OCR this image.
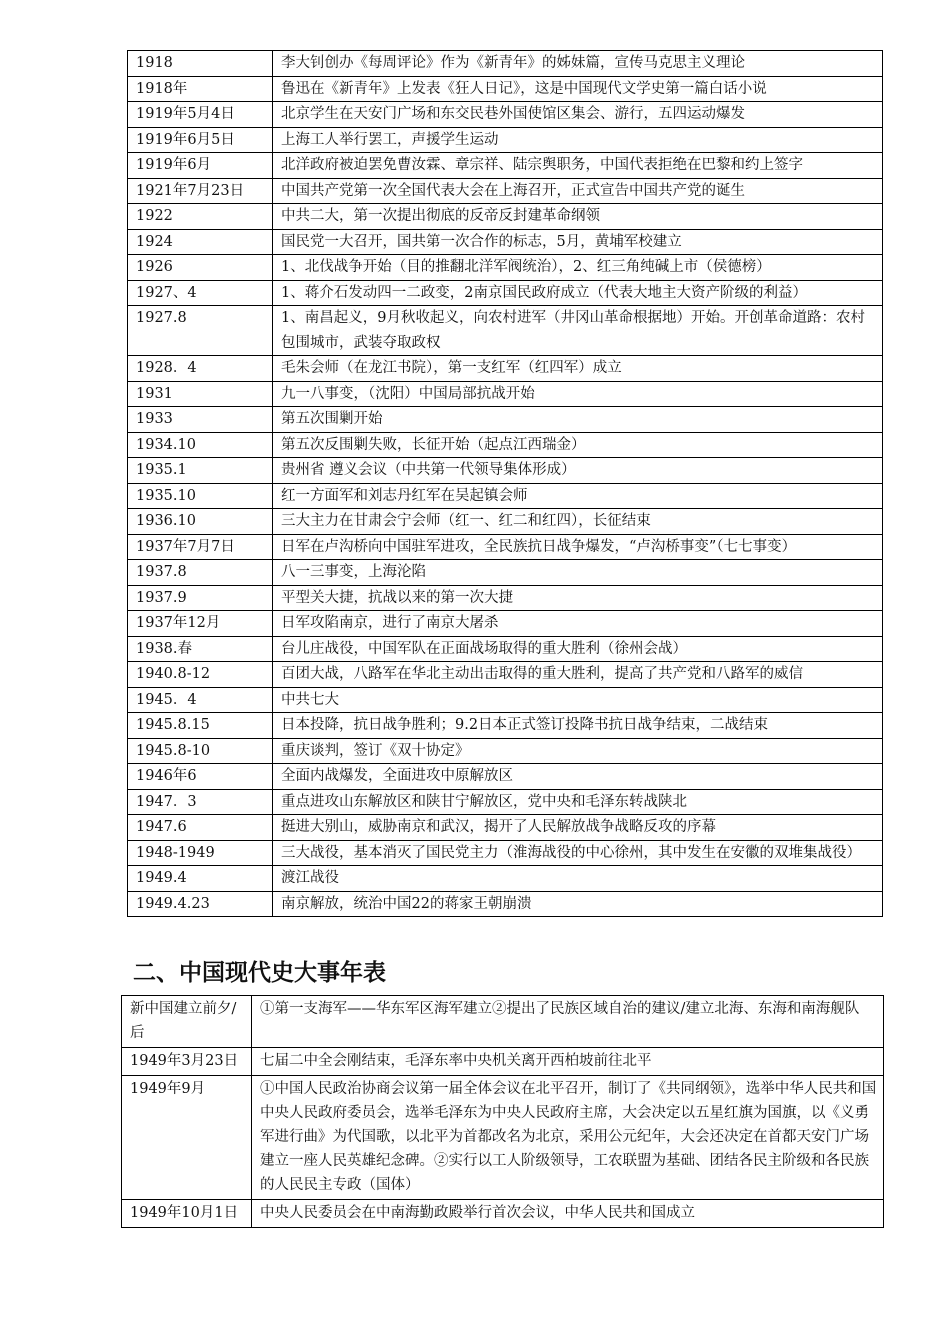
1918	李大钊创办《每周评论》作为《新青年》的姊妹篇，宣传马克思主义理论
1918年	鲁迅在《新青年》上发表《狂人日记》，这是中国现代文学史第一篇白话小说
1919年5月4日	北京学生在天安门广场和东交民巷外国使馆区集会、游行，五四运动爆发
1919年6月5日	上海工人举行罢工，声援学生运动
1919年6月	北洋政府被迫罢免曹汝霖、章宗祥、陆宗舆职务，中国代表拒绝在巴黎和约上签字
1921年7月23日	中国共产党第一次全国代表大会在上海召开，正式宣告中国共产党的诞生
1922	中共二大，第一次提出彻底的反帝反封建革命纲领
1924	国民党一大召开，国共第一次合作的标志，5月，黄埔军校建立
1926	1、北伐战争开始（目的推翻北洋军阀统治），2、红三角纯碱上市（侯德榜）
1927、4	1、蒋介石发动四一二政变，2南京国民政府成立（代表大地主大资产阶级的利益）
1927.8	1、南昌起义，9月秋收起义，向农村进军（井冈山革命根据地）开始。开创革命道路：农村包围城市，武装夺取政权
1928．4	毛朱会师（在龙江书院），第一支红军（红四军）成立
1931	九一八事变，（沈阳）中国局部抗战开始
1933	第五次围剿开始
1934.10	第五次反围剿失败，长征开始（起点江西瑞金）
1935.1	贵州省 遵义会议（中共第一代领导集体形成）
1935.10	红一方面军和刘志丹红军在吴起镇会师
1936.10	三大主力在甘肃会宁会师（红一、红二和红四），长征结束
1937年7月7日	日军在卢沟桥向中国驻军进攻，全民族抗日战争爆发，“卢沟桥事变”（七七事变）
1937.8	八一三事变，上海沦陷
1937.9	平型关大捷，抗战以来的第一次大捷
1937年12月	日军攻陷南京，进行了南京大屠杀
1938.春	台儿庄战役，中国军队在正面战场取得的重大胜利（徐州会战）
1940.8-12	百团大战，八路军在华北主动出击取得的重大胜利，提高了共产党和八路军的威信
1945．4	中共七大
1945.8.15	日本投降，抗日战争胜利；9.2日本正式签订投降书抗日战争结束，二战结束
1945.8-10	重庆谈判，签订《双十协定》
1946年6	全面内战爆发，全面进攻中原解放区
1947．3	重点进攻山东解放区和陕甘宁解放区，党中央和毛泽东转战陕北
1947.6	挺进大别山，威胁南京和武汉，揭开了人民解放战争战略反攻的序幕
1948-1949	三大战役，基本消灭了国民党主力（淮海战役的中心徐州，其中发生在安徽的双堆集战役）
1949.4	渡江战役
1949.4.23	南京解放，统治中国22的蒋家王朝崩溃
二、中国现代史大事年表
新中国建立前夕/后	①第一支海军——华东军区海军建立②提出了民族区域自治的建议/建立北海、东海和南海舰队
1949年3月23日	七届二中全会刚结束，毛泽东率中央机关离开西柏坡前往北平
1949年9月	①中国人民政治协商会议第一届全体会议在北平召开，制订了《共同纲领》，选举中华人民共和国中央人民政府委员会，选举毛泽东为中央人民政府主席，大会决定以五星红旗为国旗，以《义勇军进行曲》为代国歌，以北平为首都改名为北京，采用公元纪年，大会还决定在首都天安门广场建立一座人民英雄纪念碑。②实行以工人阶级领导，工农联盟为基础、团结各民主阶级和各民族的人民民主专政（国体）
1949年10月1日	中央人民委员会在中南海勤政殿举行首次会议，中华人民共和国成立
